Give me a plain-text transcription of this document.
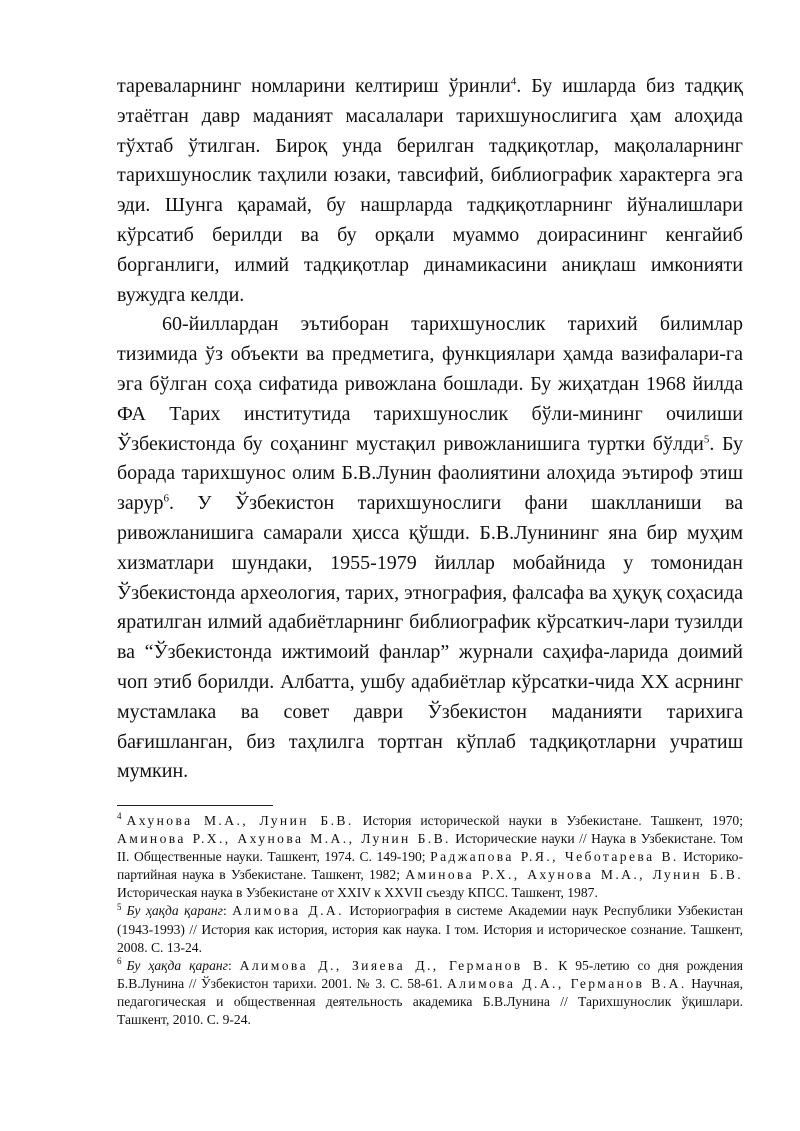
тареваларнинг номларини келтириш ўринли$^4$. Бу ишларда биз тадқиқ этаётган давр маданият масалалари тарихшунослигига ҳам алоҳида тўхтаб ўтилган. Бироқ унда берилган тадқиқотлар, мақолаларнинг тарихшунослик таҳлили юзаки, тавсифий, библиографик характерга эга эди. Шунга қарамай, бу нашрларда тадқиқотларнинг йўналишлари кўрсатиб берилди ва бу орқали муаммо доирасининг кенгайиб борганлиги, илмий тадқиқотлар динамикасини аниқлаш имконияти вужудга келди.

60-йиллардан эътиборан тарихшунослик тарихий билимлар тизимида ўз объекти ва предметига, функциялари ҳамда вазифалари-га эга бўлган соҳа сифатида ривожлана бошлади. Бу жиҳатдан 1968 йилда ФА Тарих институтида тарихшунослик бўли-мининг очилиши Ўзбекистонда бу соҳанинг мустақил ривожланишига туртки бўлди$^5$. Бу борада тарихшунос олим Б.В.Лунин фаолиятини алоҳида эътироф этиш зарур$^6$. У Ўзбекистон тарихшунослиги фани шаклланиши ва ривожланишига самарали ҳисса қўшди. Б.В.Лунининг яна бир муҳим хизматлари шундаки, 1955-1979 йиллар мобайнида у томонидан Ўзбекистонда археология, тарих, этнография, фалсафа ва ҳуқуқ соҳасида яратилган илмий адабиётларнинг библиографик кўрсаткич-лари тузилди ва “Ўзбекистонда ижтимоий фанлар” журнали саҳифа-ларида доимий чоп этиб борилди. Албатта, ушбу адабиётлар кўрсатки-чида XX асрнинг мустамлака ва совет даври Ўзбекистон маданияти тарихига бағишланган, биз таҳлилга тортган кўплаб тадқиқотларни учратиш мумкин.

$^4$ Ахунова М.А., Лунин Б.В. История исторической науки в Узбекистане. Ташкент, 1970; Аминова Р.Х., Ахунова М.А., Лунин Б.В. Исторические науки // Наука в Узбекистане. Том II. Общественные науки. Ташкент, 1974. С. 149-190; Раджапова Р.Я., Чеботарева В. Историко-партийная наука в Узбекистане. Ташкент, 1982; Аминова Р.Х., Ахунова М.А., Лунин Б.В. Историческая наука в Узбекистане от XXIV к XXVII съезду КПСС. Ташкент, 1987.

$^5$ Бу ҳақда қаранг: Алимова Д.А. Историография в системе Академии наук Республики Узбекистан (1943-1993) // История как история, история как наука. I том. История и историческое сознание. Ташкент, 2008. С. 13-24.

$^6$ Бу ҳақда қаранг: Алимова Д., Зияева Д., Германов В. К 95-летию со дня рождения Б.В.Лунина // Ўзбекистон тарихи. 2001. № 3. С. 58-61. Алимова Д.А., Германов В.А. Научная, педагогическая и общественная деятельность академика Б.В.Лунина // Тарихшунослик ўқишлари. Ташкент, 2010. С. 9-24.
